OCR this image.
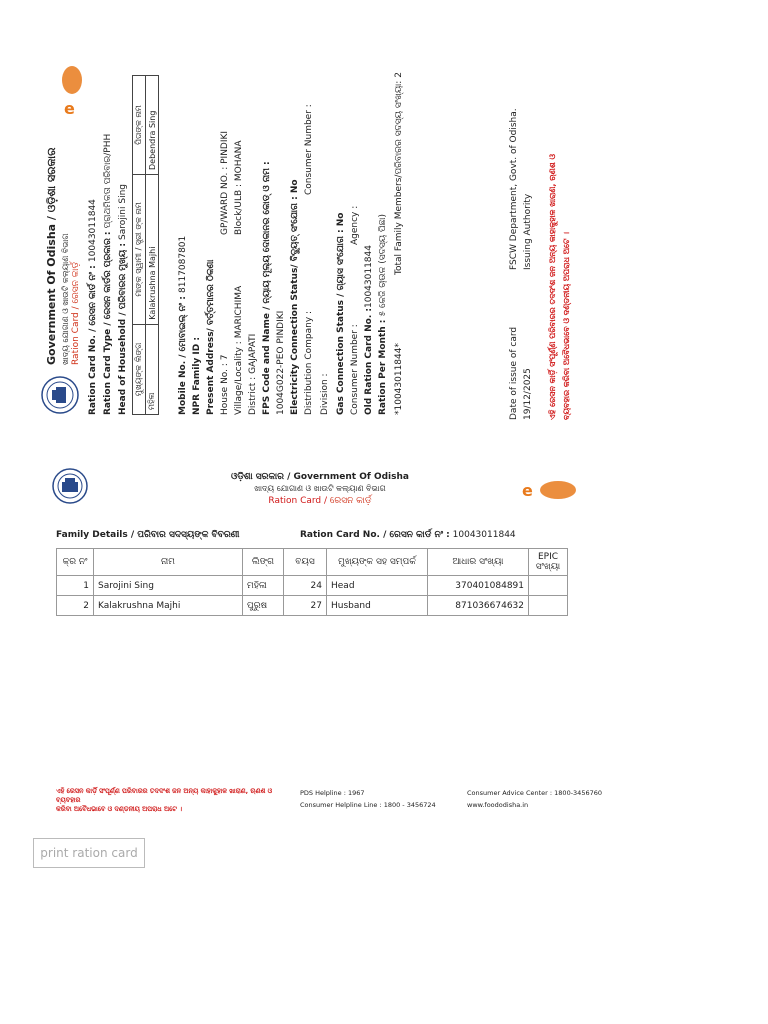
Government Of Odisha / ଓଡ଼ିଶା ସରକାର ଖାଦ୍ୟ ଯୋଗାଣ ଓ ଖାଉଟି କଲ୍ୟାଣ ବିଭାଗ Ration Card / ରେସନ କାର୍ଡ଼ Ration Card No. / ରେସନ କାର୍ଡ ନଂ : 10043011844
Ration Card Type / ରେସନ କାର୍ଡର ପ୍ରକାର : ପ୍ରାଥମିକତା ପରିବାର/PHH
Head of Household / ପରିବାରର ମୁଖ୍ୟ : Sarojini Sing
ମୁଖ୍ୟଙ୍କ ଲିଙ୍ଗ	ମାଙ୍କ ସ୍ୱାମୀ / ସ୍ତ୍ରୀ ଙ୍କ ନାମ	ପିତାଙ୍କ ନାମ
ମହିଳା	Kalakrushna Majhi	Debendra Sing
Mobile No. / ମୋବାଇଲ୍ ନଂ : 8117087801
NPR Family ID : Present Address/ ବର୍ତ୍ତମାନର ଠିକଣା House No. : 7
GP/WARD NO. : PINDIKI
Village/Locality : MARICHIMA
Block/ULB : MOHANA
District : GAJAPATI FPS Code and Name / ନ୍ୟାୟ ମୂଲ୍ୟ ଦୋକାନର କୋଡ୍ ଓ ନାମ : 1004G022-PEO PINDIKI Electricity Connection Status/ ବିଦ୍ୟୁତ୍ ସଂଯୋଗ : No Distribution Company :
Consumer Number :
Division : Gas Connection Status / ଗ୍ୟାସ ସଂଯୋଗ : No Consumer Number :
Agency :
Old Ration Card No. :10043011844
Ration Per Month : ୫ କେଜି ଚାଉଳ (ସଦସ୍ୟ ପିଛା)
*10043011844*
Total Family Members/ପରିବାରର ସଦସ୍ୟ ସଂଖ୍ୟା: 2
e
Date of issue of card 19/12/2025
FSCW Department, Govt. of Odisha. Issuing Authority ଏହି ରେସନ କାର୍ଡ଼ି ସଂପୂର୍ଣ୍ଣ ପରିବାରର ତଦଦଂଶ ଜନ ଅନ୍ୟ କାହାକୁହାଳ ଖାରାଣ, ଋଣଶ ଓ ବ୍ୟବହାର କରିବା ଅବୈଧଭାବେ ଓ ଦଣ୍ଡନୀୟ ଅପରାଧ ଅଟେ ।
ଓଡ଼ିଶା ସରକାର / Government Of Odisha
ଖାଦ୍ୟ ଯୋଗାଣ ଓ ଖାଉଟି କଲ୍ୟାଣ ବିଭାଗ
Ration Card / ରେସନ କାର୍ଡ଼
e
Family Details / ପରିବାର ସଦସ୍ୟଙ୍କ ବିବରଣୀ	Ration Card No. / ରେସନ କାର୍ଡ ନଂ : 10043011844
କ୍ର ନଂ	ନାମ	ଲିଙ୍ଗ	ବୟସ	ମୁଖ୍ୟଙ୍କ ସହ ସମ୍ପର୍କ	ଆଧାର ସଂଖ୍ୟା	EPIC ସଂଖ୍ୟା
1	Sarojini Sing	ମହିଳା	24	Head	370401084891	
2	Kalakrushna Majhi	ପୁରୁଷ	27	Husband	871036674632	
ଏହି ରେସନ କାର୍ଡ଼ି ସଂପୂର୍ଣ୍ଣ ପରିବାରର ତଦଦଂଶ ଜନ ଅନ୍ୟ କାହାକୁହାଳ ଖାରାଣ, ଋଣଶ ଓ ବ୍ୟବହାର
କରିବା ଅବୈଧଭାବେ ଓ ଦଣ୍ଡନୀୟ ଅପରାଧ ଅଟେ ।
PDS Helpline : 1967
Consumer Helpline Line : 1800 - 3456724
Consumer Advice Center : 1800-3456760
www.foododisha.in
print ration card
